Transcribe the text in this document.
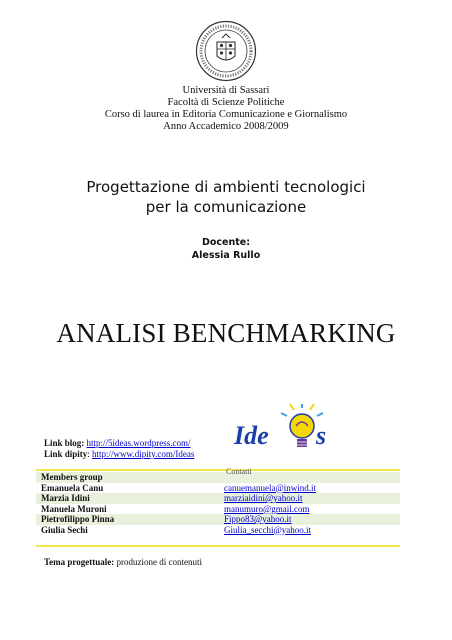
Università di Sassari
Facoltà di Scienze Politiche
Corso di laurea in Editoria Comunicazione e Giornalismo
Anno Accademico 2008/2009
Progettazione di ambienti tecnologici
per la comunicazione
Docente:
Alessia Rullo
ANALISI BENCHMARKING
Ide s
Link blog: http://5ideas.wordpress.com/
Link dipity: http://www.dipity.com/Ideas
Members group
Contatti
Emanuela Canu	canuemanuela@inwind.it
Marzia Idini	marziaidini@yahoo.it
Manuela Muroni	manumuro@gmail.com
Pietrofilippo Pinna	Fippo83@yahoo.it
Giulia Sechi	Giulia_secchi@yahoo.it
Tema progettuale: produzione di contenuti
